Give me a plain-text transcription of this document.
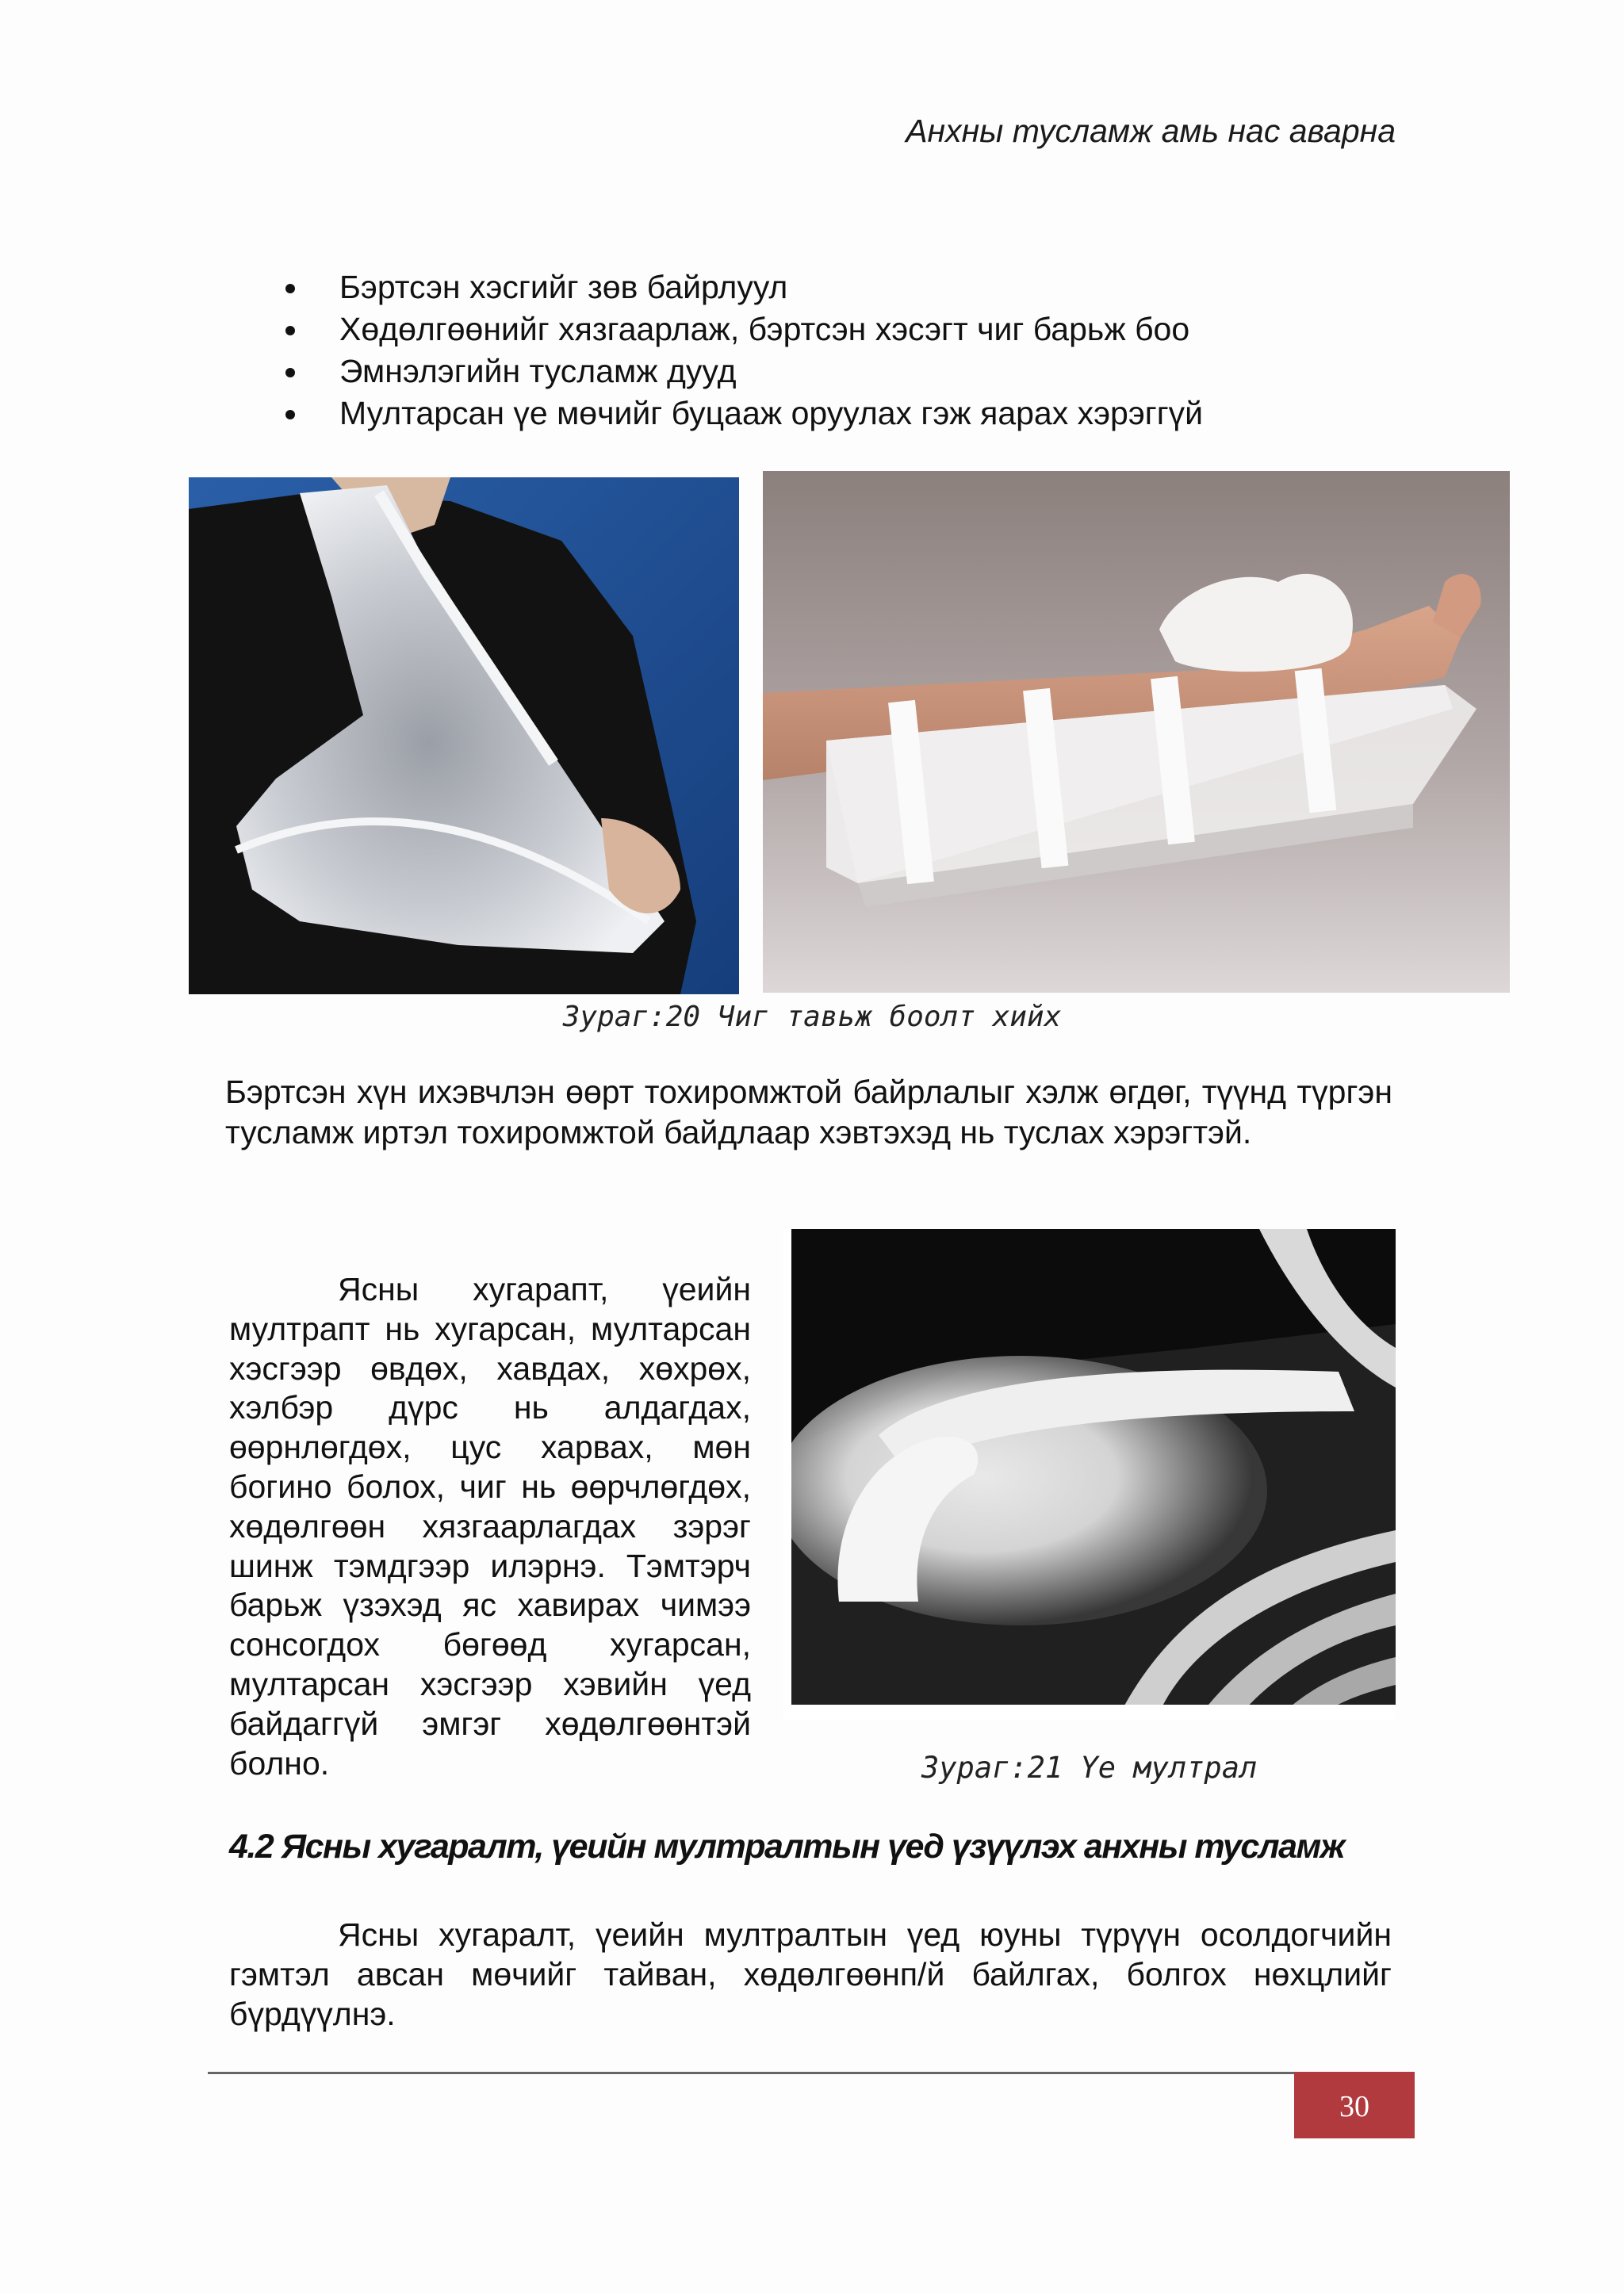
Анхны тусламж амь нас аварна
Бэртсэн хэсгийг зөв байрлуул
Хөдөлгөөнийг хязгаарлаж, бэртсэн хэсэгт чиг барьж боо
Эмнэлэгийн тусламж дууд
Мултарсан үе мөчийг буцааж оруулах гэж яарах хэрэггүй
Зураг:20 Чиг тавьж боолт хийх
Бэртсэн хүн ихэвчлэн өөрт тохиромжтой байрлалыг хэлж өгдөг, түүнд түргэн тусламж иртэл тохиромжтой байдлаар хэвтэхэд нь туслах хэрэгтэй.
Ясны хугарапт, үеийн мултрапт нь хугарсан, мултарсан хэсгээр өвдөх, хавдах, хөхрөх, хэлбэр дүрс нь алдагдах, өөрнлөгдөх, цус харвах, мөн богино болох, чиг нь өөрчлөгдөх, хөдөлгөөн хязгаарлагдах зэрэг шинж тэмдгээр илэрнэ. Тэмтэрч барьж үзэхэд яс хавирах чимээ сонсогдох бөгөөд хугарсан, мултарсан хэсгээр хэвийн үед байдаггүй эмгэг хөдөлгөөнтэй болно.	Зураг:21 Үе мултрал
4.2 Ясны хугаралт, үеийн мултралтын үед үзүүлэх анхны тусламж
Ясны хугаралт, үеийн мултралтын үед юуны түрүүн осолдогчийн гэмтэл авсан мөчийг тайван, хөдөлгөөнп/й байлгах, болгох нөхцлийг бүрдүүлнэ.
30
